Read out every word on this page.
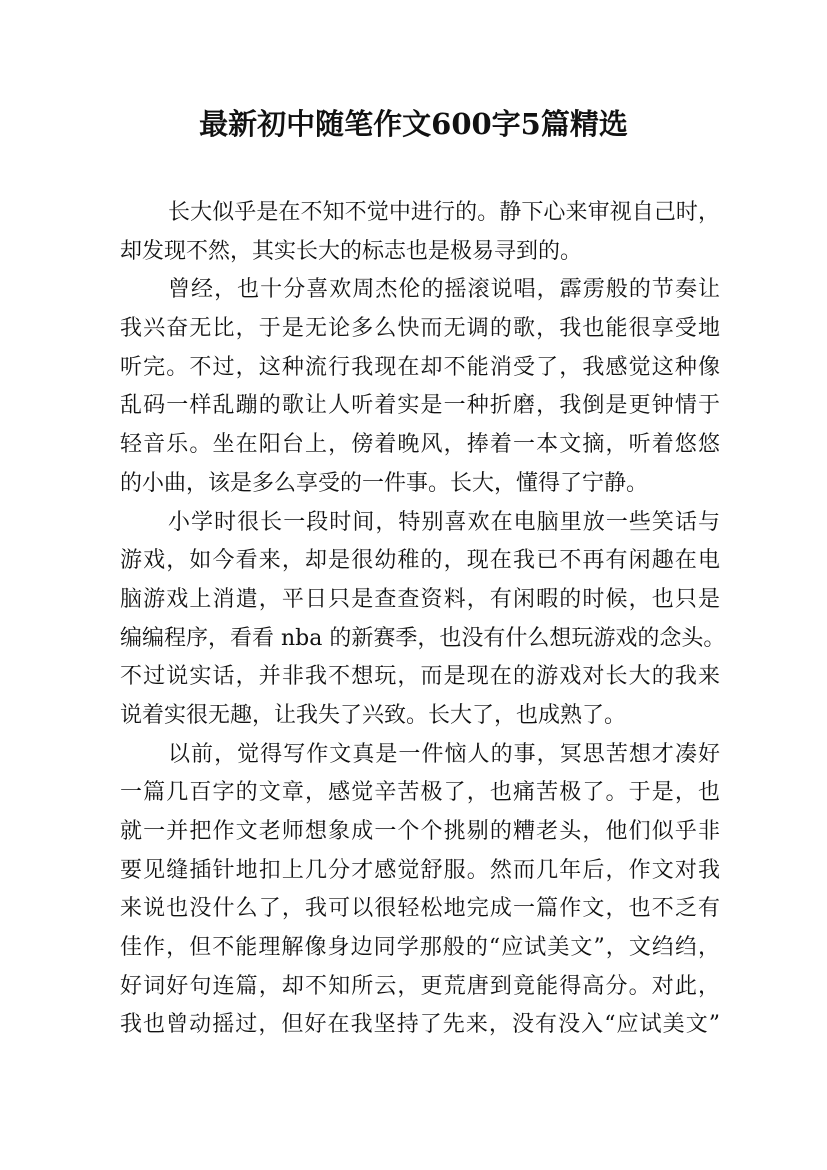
最新初中随笔作文600字5篇精选
长大似乎是在不知不觉中进行的。静下心来审视自己时，
却发现不然，其实长大的标志也是极易寻到的。
曾经，也十分喜欢周杰伦的摇滚说唱，霹雳般的节奏让
我兴奋无比，于是无论多么快而无调的歌，我也能很享受地
听完。不过，这种流行我现在却不能消受了，我感觉这种像
乱码一样乱蹦的歌让人听着实是一种折磨，我倒是更钟情于
轻音乐。坐在阳台上，傍着晚风，捧着一本文摘，听着悠悠
的小曲，该是多么享受的一件事。长大，懂得了宁静。
小学时很长一段时间，特别喜欢在电脑里放一些笑话与
游戏，如今看来，却是很幼稚的，现在我已不再有闲趣在电
脑游戏上消遣，平日只是查查资料，有闲暇的时候，也只是
编编程序，看看 nba 的新赛季，也没有什么想玩游戏的念头。
不过说实话，并非我不想玩，而是现在的游戏对长大的我来
说着实很无趣，让我失了兴致。长大了，也成熟了。
以前，觉得写作文真是一件恼人的事，冥思苦想才凑好
一篇几百字的文章，感觉辛苦极了，也痛苦极了。于是，也
就一并把作文老师想象成一个个挑剔的糟老头，他们似乎非
要见缝插针地扣上几分才感觉舒服。然而几年后，作文对我
来说也没什么了，我可以很轻松地完成一篇作文，也不乏有
佳作，但不能理解像身边同学那般的“应试美文”，文绉绉，
好词好句连篇，却不知所云，更荒唐到竟能得高分。对此，
我也曾动摇过，但好在我坚持了先来，没有没入“应试美文”
